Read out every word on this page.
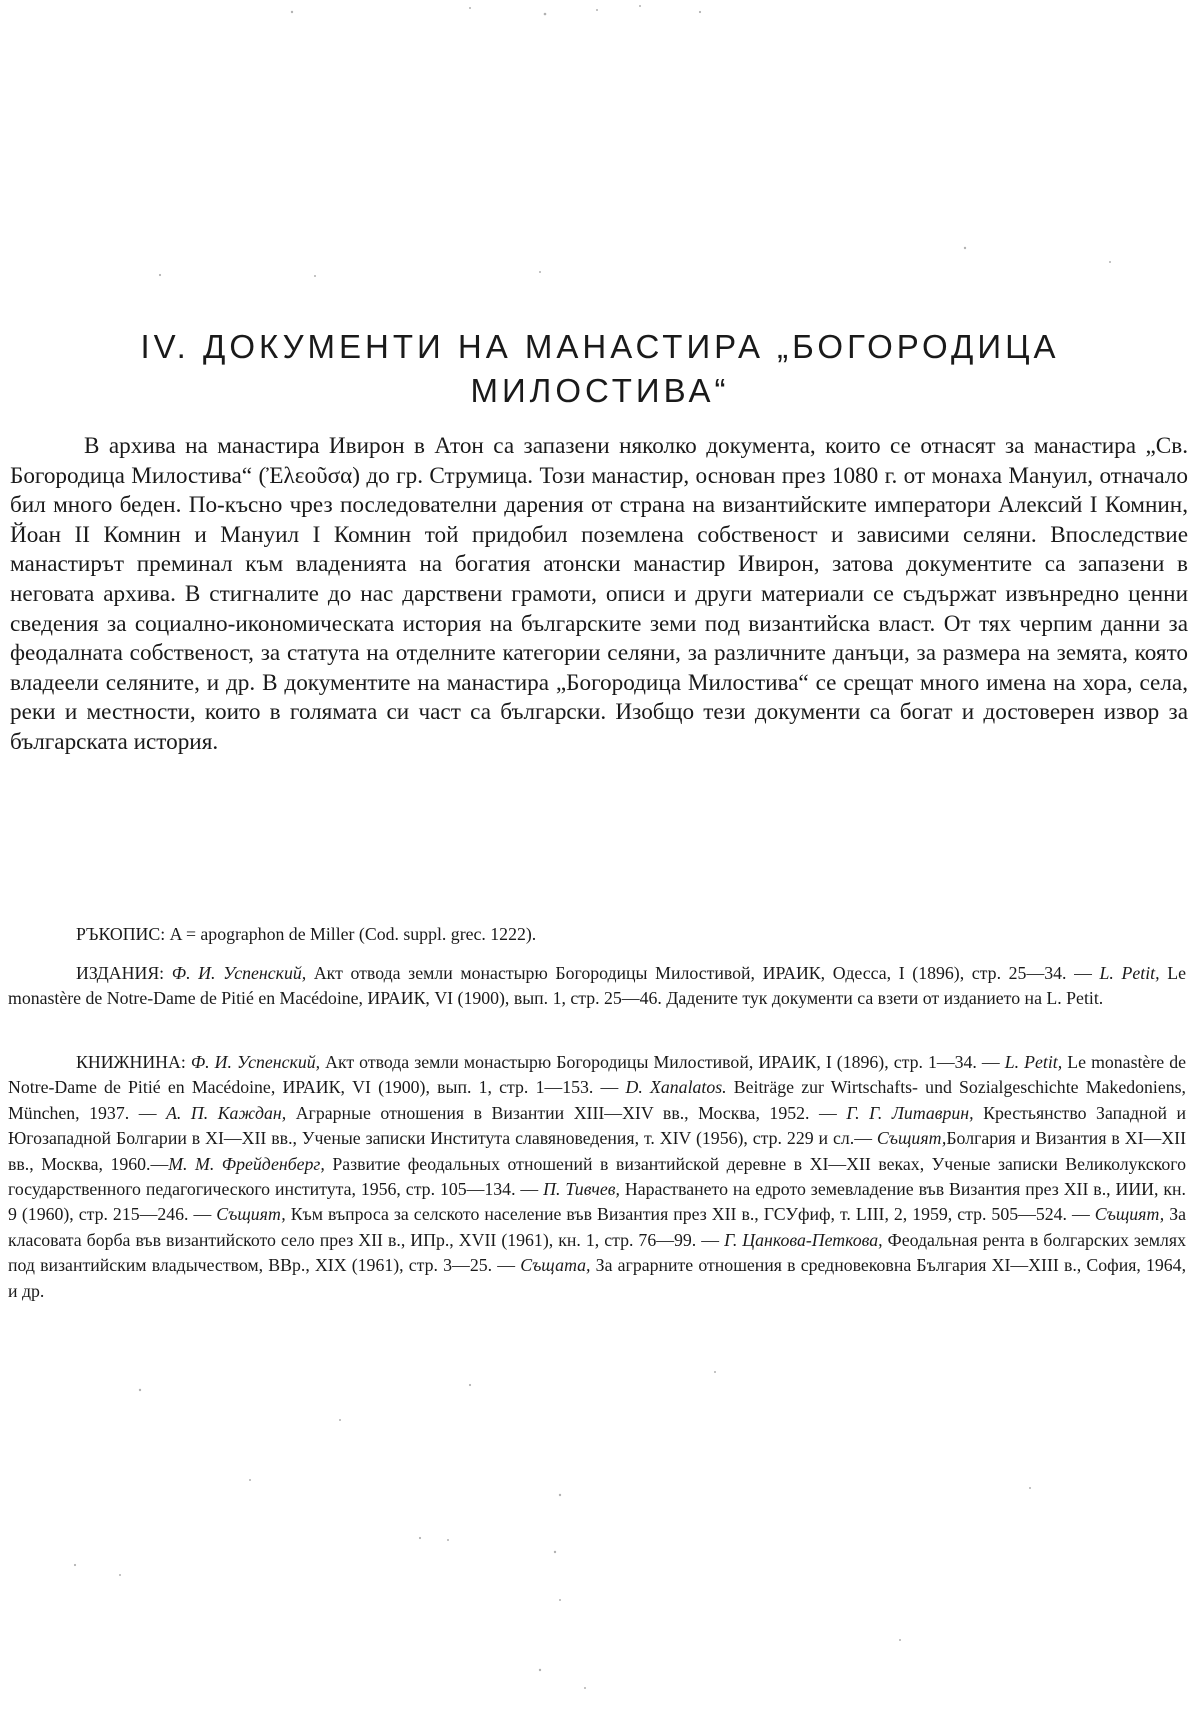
IV. ДОКУМЕНТИ НА МАНАСТИРА „БОГОРОДИЦА
МИЛОСТИВА“

В архива на манастира Ивирон в Атон са запазени няколко документа, които се отнасят за манастира „Св. Богородица Милостива“ (Ἐλεοῦσα) до гр. Струмица. Този манастир, основан през 1080 г. от монаха Мануил, отначало бил много беден. По-късно чрез последователни дарения от страна на византийските императори Алексий I Комнин, Йоан II Комнин и Мануил I Комнин той придобил поземлена собственост и зависими селяни. Впоследствие манастирът преминал към владенията на богатия атонски манастир Ивирон, затова документите са запазени в неговата архива. В стигналите до нас дарствени грамоти, описи и други материали се съдържат извънредно ценни сведения за социално-икономическата история на българските земи под византийска власт. От тях черпим данни за феодалната собственост, за статута на отделните категории селяни, за различните данъци, за размера на земята, която владеели селяните, и др. В документите на манастира „Богородица Милостива“ се срещат много имена на хора, села, реки и местности, които в голямата си част са български. Изобщо тези документи са богат и достоверен извор за българската история.

РЪКОПИС: A = apographon de Miller (Cod. suppl. grec. 1222).

ИЗДАНИЯ: Ф. И. Успенский, Акт отвода земли монастырю Богородицы Милостивой, ИРАИК, Одесса, I (1896), стр. 25—34. — L. Petit, Le monastère de Notre-Dame de Pitié en Macédoine, ИРАИК, VI (1900), вып. 1, стр. 25—46. Дадените тук документи са взети от изданието на L. Petit.

КНИЖНИНА: Ф. И. Успенский, Акт отвода земли монастырю Богородицы Милостивой, ИРАИК, I (1896), стр. 1—34. — L. Petit, Le monastère de Notre-Dame de Pitié en Macédoine, ИРАИК, VI (1900), вып. 1, стр. 1—153. — D. Xanalatos. Beiträge zur Wirtschafts- und Sozialgeschichte Makedoniens, München, 1937. — А. П. Каждан, Аграрные отношения в Византии XIII—XIV вв., Москва, 1952. — Г. Г. Литаврин, Крестьянство Западной и Югозападной Болгарии в XI—XII вв., Ученые записки Института славяноведения, т. XIV (1956), стр. 229 и сл.— Същият,Болгария и Византия в XI—XII вв., Москва, 1960.—М. М. Фрейденберг, Развитие феодальных отношений в византийской деревне в XI—XII веках, Ученые записки Великолукского государственного педагогического института, 1956, стр. 105—134. — П. Тивчев, Нарастването на едрото земевладение във Византия през XII в., ИИИ, кн. 9 (1960), стр. 215—246. — Същият, Към въпроса за селското население във Византия през XII в., ГСУфиф, т. LIII, 2, 1959, стр. 505—524. — Същият, За класовата борба във византийското село през XII в., ИПр., XVII (1961), кн. 1, стр. 76—99. — Г. Цанкова-Петкова, Феодальная рента в болгарских землях под византийским владычеством, ВВр., XIX (1961), стр. 3—25. — Същата, За аграрните отношения в средновековна България XI—XIII в., София, 1964, и др.
